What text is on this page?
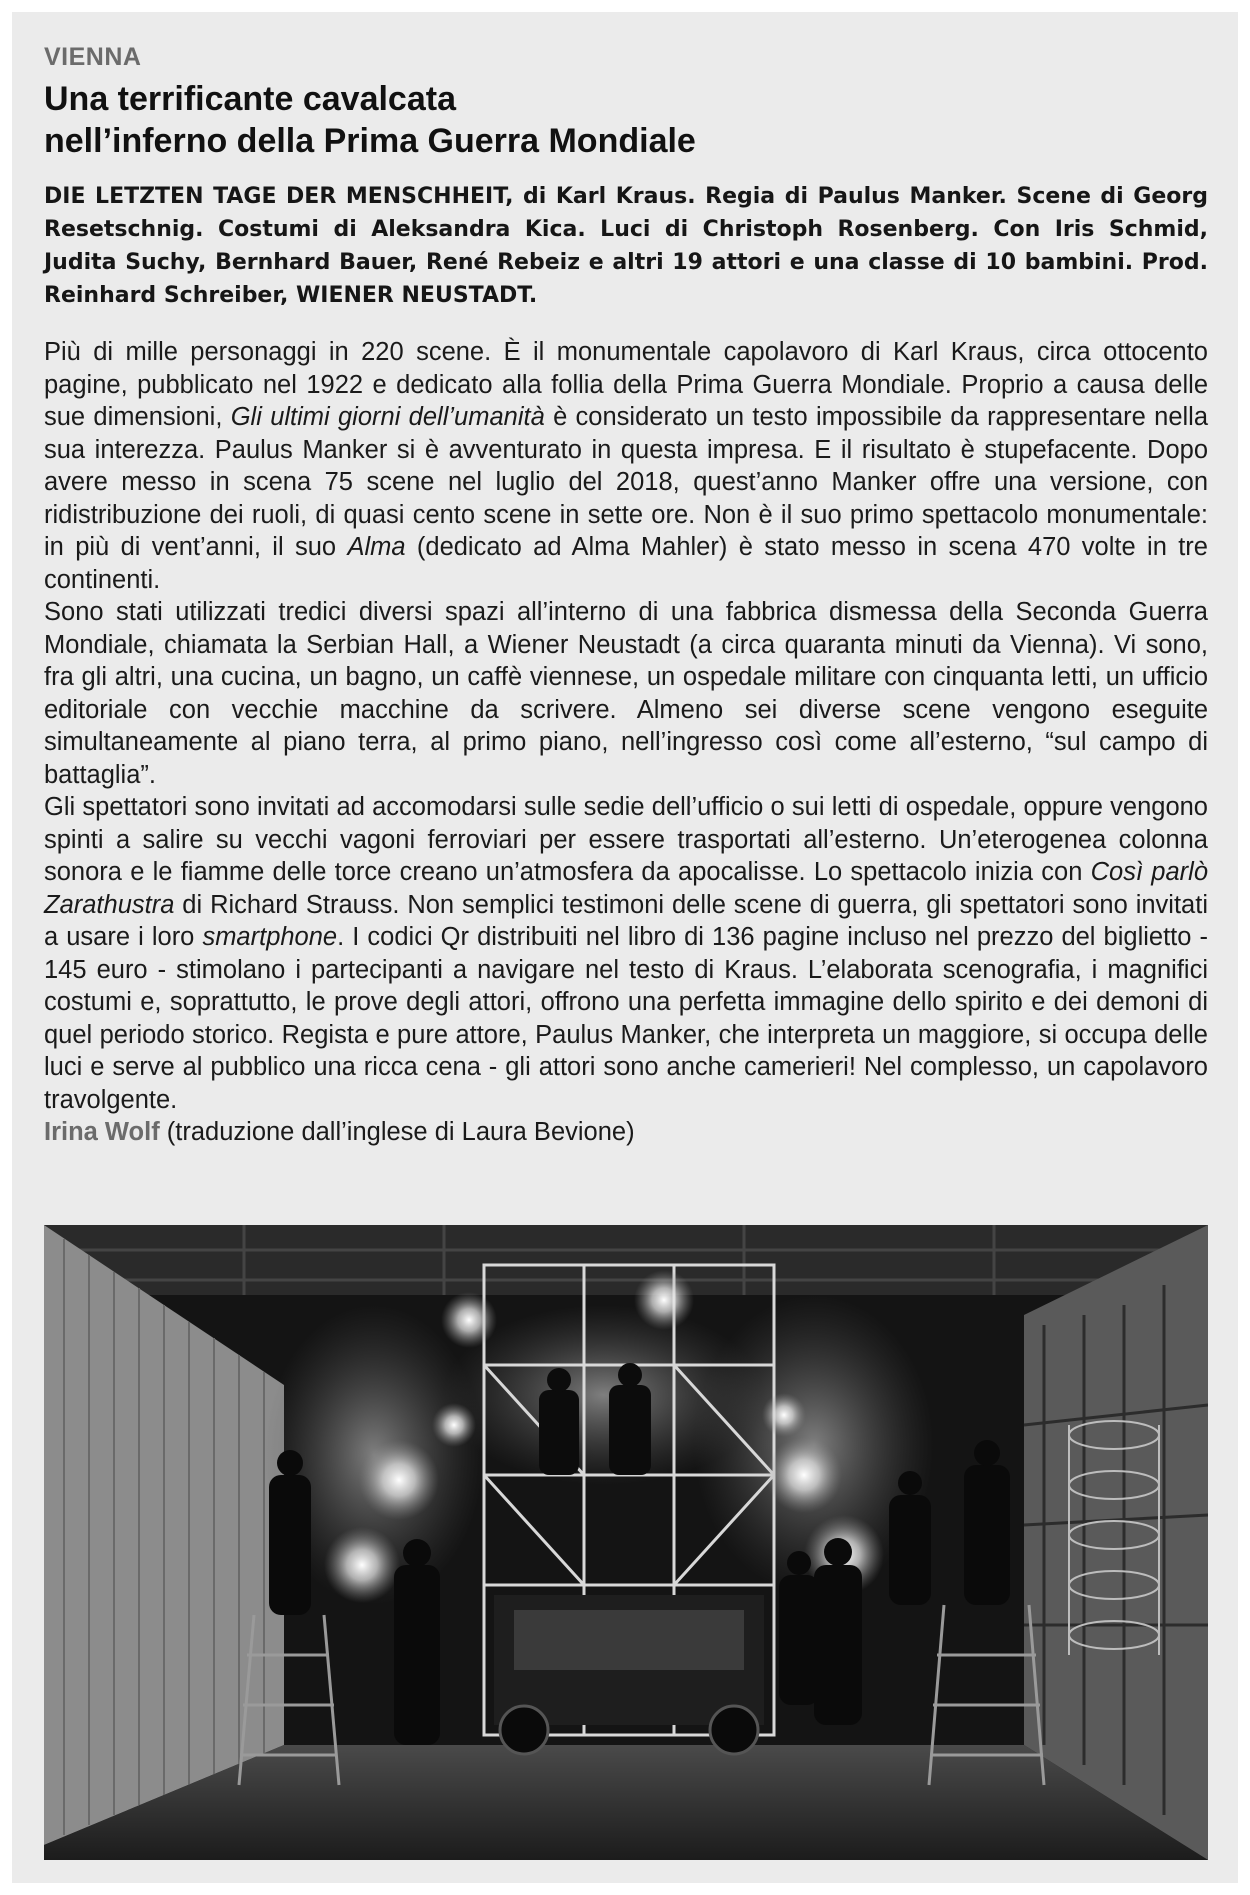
VIENNA
Una terrificante cavalcata
nell’inferno della Prima Guerra Mondiale

DIE LETZTEN TAGE DER MENSCHHEIT, di Karl Kraus. Regia di Paulus Manker. Scene di Georg Resetschnig. Costumi di Aleksandra Kica. Luci di Christoph Rosenberg. Con Iris Schmid, Judita Suchy, Bernhard Bauer, René Rebeiz e altri 19 attori e una classe di 10 bambini. Prod. Reinhard Schreiber, WIENER NEUSTADT.

Più di mille personaggi in 220 scene. È il monumentale capolavoro di Karl Kraus, circa ottocento pagine, pubblicato nel 1922 e dedicato alla follia della Prima Guerra Mondiale. Proprio a causa delle sue dimensioni, Gli ultimi giorni dell’umanità è considerato un testo impossibile da rappresentare nella sua interezza. Paulus Manker si è avventurato in questa impresa. E il risultato è stupefacente. Dopo avere messo in scena 75 scene nel luglio del 2018, quest’anno Manker offre una versione, con ridistribuzione dei ruoli, di quasi cento scene in sette ore. Non è il suo primo spettacolo monumentale: in più di vent’anni, il suo Alma (dedicato ad Alma Mahler) è stato messo in scena 470 volte in tre continenti.

Sono stati utilizzati tredici diversi spazi all’interno di una fabbrica dismessa della Seconda Guerra Mondiale, chiamata la Serbian Hall, a Wiener Neustadt (a circa quaranta minuti da Vienna). Vi sono, fra gli altri, una cucina, un bagno, un caffè viennese, un ospedale militare con cinquanta letti, un ufficio editoriale con vecchie macchine da scrivere. Almeno sei diverse scene vengono eseguite simultaneamente al piano terra, al primo piano, nell’ingresso così come all’esterno, “sul campo di battaglia”.

Gli spettatori sono invitati ad accomodarsi sulle sedie dell’ufficio o sui letti di ospedale, oppure vengono spinti a salire su vecchi vagoni ferroviari per essere trasportati all’esterno. Un’eterogenea colonna sonora e le fiamme delle torce creano un’atmosfera da apocalisse. Lo spettacolo inizia con Così parlò Zarathustra di Richard Strauss. Non semplici testimoni delle scene di guerra, gli spettatori sono invitati a usare i loro smartphone. I codici Qr distribuiti nel libro di 136 pagine incluso nel prezzo del biglietto - 145 euro - stimolano i partecipanti a navigare nel testo di Kraus. L’elaborata scenografia, i magnifici costumi e, soprattutto, le prove degli attori, offrono una perfetta immagine dello spirito e dei demoni di quel periodo storico. Regista e pure attore, Paulus Manker, che interpreta un maggiore, si occupa delle luci e serve al pubblico una ricca cena - gli attori sono anche camerieri! Nel complesso, un capolavoro travolgente.

Irina Wolf (traduzione dall’inglese di Laura Bevione)
